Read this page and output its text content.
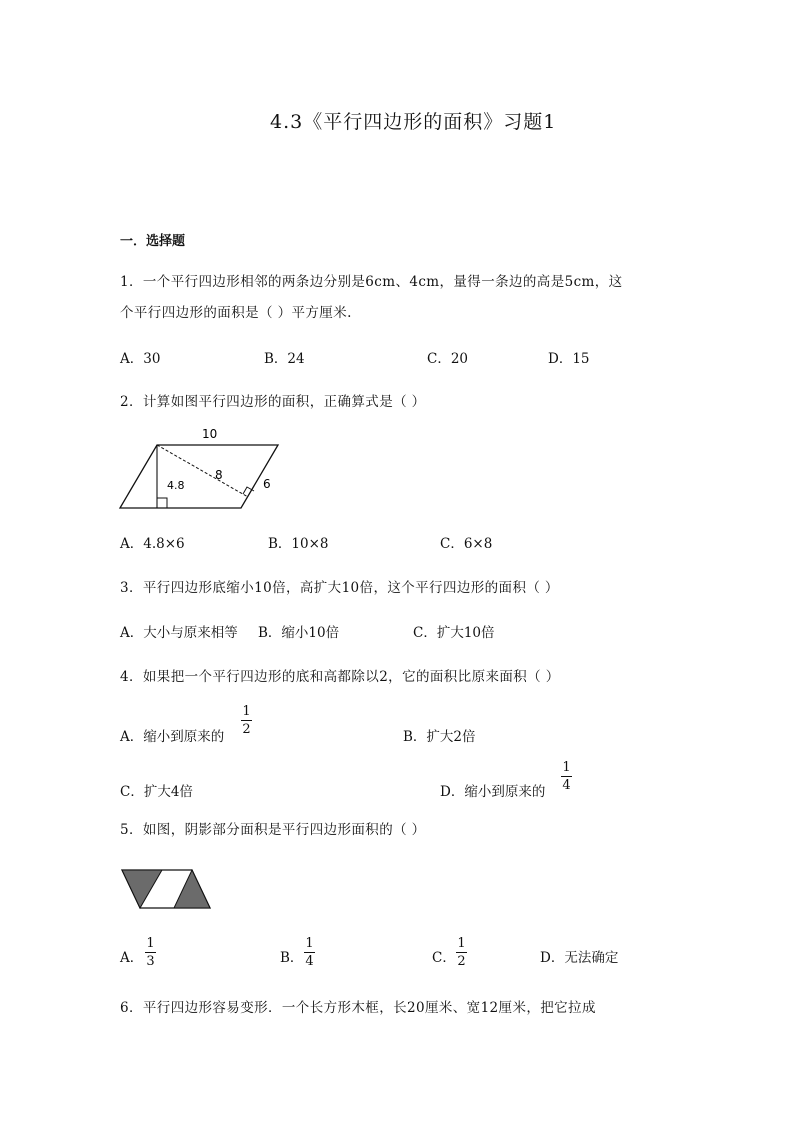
4.3《平行四边形的面积》习题1
一．选择题
1．一个平行四边形相邻的两条边分别是6cm、4cm，量得一条边的高是5cm，这
个平行四边形的面积是（ ）平方厘米.
A．30	B．24	C．20	D．15
2．计算如图平行四边形的面积，正确算式是（ ）
10
8
4.8	6
A．4.8×6	B．10×8	C．6×8
3．平行四边形底缩小10倍，高扩大10倍，这个平行四边形的面积（ ）
A．大小与原来相等 B．缩小10倍	C．扩大10倍
4．如果把一个平行四边形的底和高都除以2，它的面积比原来面积（ ）
A．缩小到原来的
1
2	B．扩大2倍
C．扩大4倍	D．缩小到原来的
1
4
5．如图，阴影部分面积是平行四边形面积的（ ）
A．
1
3	B．
1
4	C．
1
2	D．无法确定
6．平行四边形容易变形．一个长方形木框，长20厘米、宽12厘米，把它拉成
